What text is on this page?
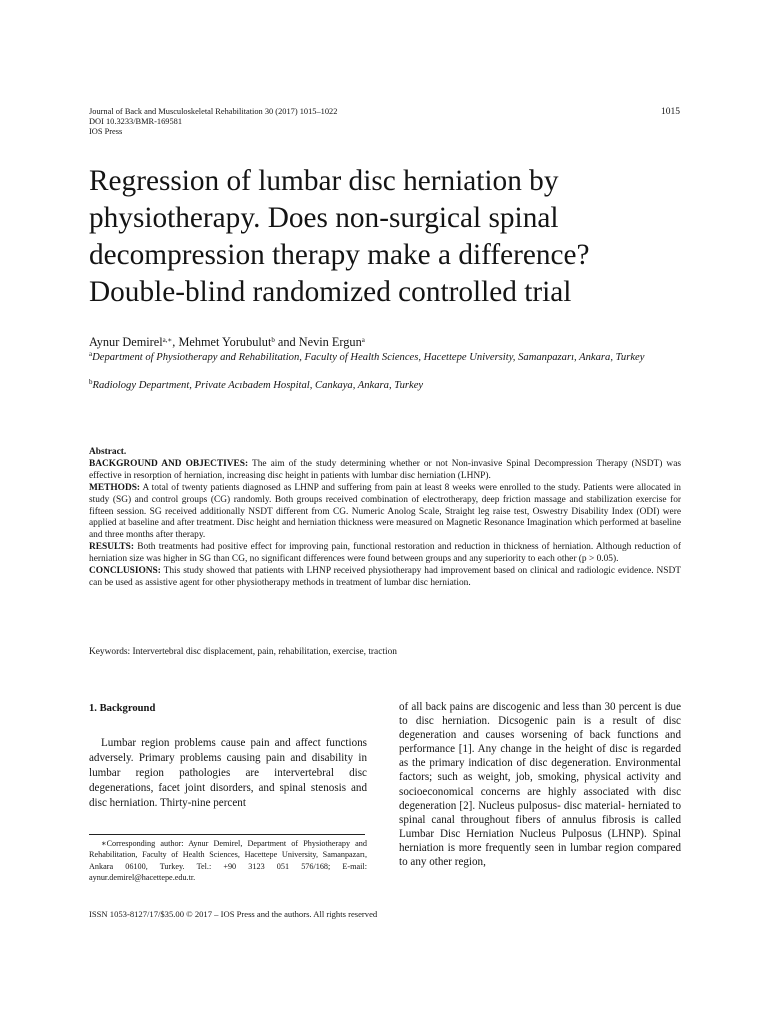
Journal of Back and Musculoskeletal Rehabilitation 30 (2017) 1015–1022
DOI 10.3233/BMR-169581
IOS Press
1015
Regression of lumbar disc herniation by physiotherapy. Does non-surgical spinal decompression therapy make a difference? Double-blind randomized controlled trial
Aynur Demirel$^{a,∗}$, Mehmet Yorubulut$^b$ and Nevin Ergun$^a$
$^a$Department of Physiotherapy and Rehabilitation, Faculty of Health Sciences, Hacettepe University, Samanpazarı, Ankara, Turkey
$^b$Radiology Department, Private Acıbadem Hospital, Cankaya, Ankara, Turkey

Abstract.

BACKGROUND AND OBJECTIVES: The aim of the study determining whether or not Non-invasive Spinal Decompression Therapy (NSDT) was effective in resorption of herniation, increasing disc height in patients with lumbar disc herniation (LHNP).

METHODS: A total of twenty patients diagnosed as LHNP and suffering from pain at least 8 weeks were enrolled to the study. Patients were allocated in study (SG) and control groups (CG) randomly. Both groups received combination of electrotherapy, deep friction massage and stabilization exercise for fifteen session. SG received additionally NSDT different from CG. Numeric Anolog Scale, Straight leg raise test, Oswestry Disability Index (ODI) were applied at baseline and after treatment. Disc height and herniation thickness were measured on Magnetic Resonance Imagination which performed at baseline and three months after therapy.

RESULTS: Both treatments had positive effect for improving pain, functional restoration and reduction in thickness of herniation. Although reduction of herniation size was higher in SG than CG, no significant differences were found between groups and any superiority to each other (p > 0.05).

CONCLUSIONS: This study showed that patients with LHNP received physiotherapy had improvement based on clinical and radiologic evidence. NSDT can be used as assistive agent for other physiotherapy methods in treatment of lumbar disc herniation.

Keywords: Intervertebral disc displacement, pain, rehabilitation, exercise, traction
1. Background
Lumbar region problems cause pain and affect functions adversely. Primary problems causing pain and disability in lumbar region pathologies are intervertebral disc degenerations, facet joint disorders, and spinal stenosis and disc herniation. Thirty-nine percent
of all back pains are discogenic and less than 30 percent is due to disc herniation. Dicsogenic pain is a result of disc degeneration and causes worsening of back functions and performance [1]. Any change in the height of disc is regarded as the primary indication of disc degeneration. Environmental factors; such as weight, job, smoking, physical activity and socioeconomical concerns are highly associated with disc degeneration [2]. Nucleus pulposus- disc material- herniated to spinal canal throughout fibers of annulus fibrosis is called Lumbar Disc Herniation Nucleus Pulposus (LHNP). Spinal herniation is more frequently seen in lumbar region compared to any other region,
∗Corresponding author: Aynur Demirel, Department of Physiotherapy and Rehabilitation, Faculty of Health Sciences, Hacettepe University, Samanpazarı, Ankara 06100, Turkey. Tel.: +90 3123 051 576/168; E-mail: aynur.demirel@hacettepe.edu.tr.
ISSN 1053-8127/17/$35.00 © 2017 – IOS Press and the authors. All rights reserved
